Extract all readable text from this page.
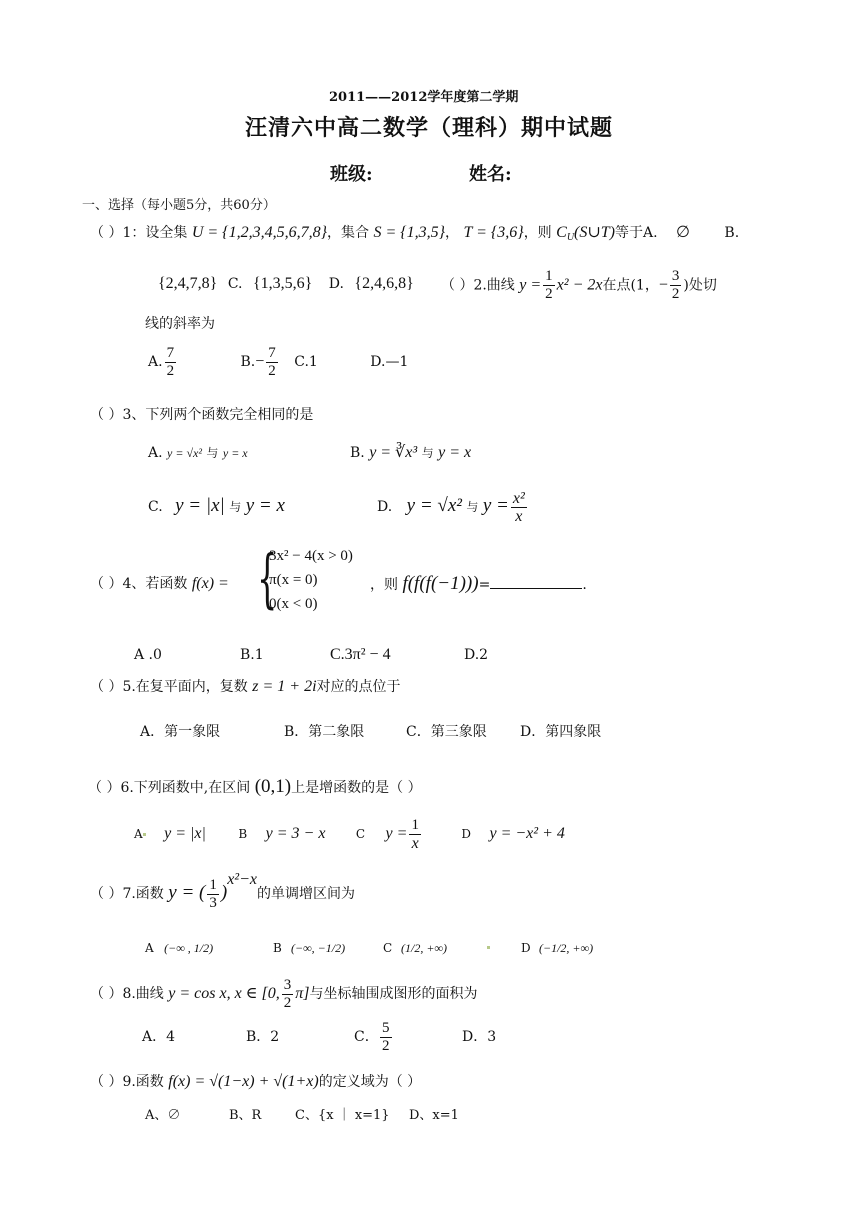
2011——2012学年度第二学期
汪清六中高二数学（理科）期中试题
班级:	姓名:
一、选择（每小题5分，共60分）
（ ）1：设全集 U = {1,2,3,4,5,6,7,8}，集合 S = {1,3,5}， T = {3,6}，则 $C_U(S\cup T)$等于A. ∅ B.
{2,4,7,8} C. {1,3,5,6} D. {2,4,6,8} （ ）2.曲线 $y = \frac{1}{2} x^2 - 2x$在点(1，− $\frac{3}{2}$ )处切
线的斜率为
A. $\frac{7}{2}$	$B.- \frac{7}{2} C.1$	D.—1
（ ）3、下列两个函数完全相同的是
A. y = √x² 与 y = x	B. y = ∛x³ 与 y = x
C. y = |x| 与 y = x	D. y = √x² 与 $y = \frac{\text{x²}}{x}$
（ ）4、若函数 f(x) = {
3x² − 4(x > 0)
π(x = 0)
0(x < 0)
，则 f(f(f(−1)))=	.
A .0	B.1	C.3π² − 4	D.2
（ ）5.在复平面内，复数 z = 1 + 2i对应的点位于
A．第一象限	B．第二象限	C．第三象限 D．第四象限
（ ）6.下列函数中,在区间 (0,1)上是增函数的是（ ）
A y = |x|	B y = 3 − x	C $y = \frac{1}{x}$	D y = −x² + 4
（ ）7.函数 y = ( $\frac{1}{3} )^{x^2-x}$的单调增区间为
A (−∞ , 1/2)	B (−∞, −1/2)	C (1/2, +∞)	D (−1/2, +∞)
（ ）8.曲线 y = cos x, x ∈ [0, $\frac{3}{2} \pi$]与坐标轴围成图形的面积为
A．4	B．2	C． $\frac{5}{2}$	D．3
（ ）9.函数 f(x) = √(1−x) + √(1+x)的定义域为（ ）
A、∅	B、R	C、{x ｜ x=1} D、x=1
